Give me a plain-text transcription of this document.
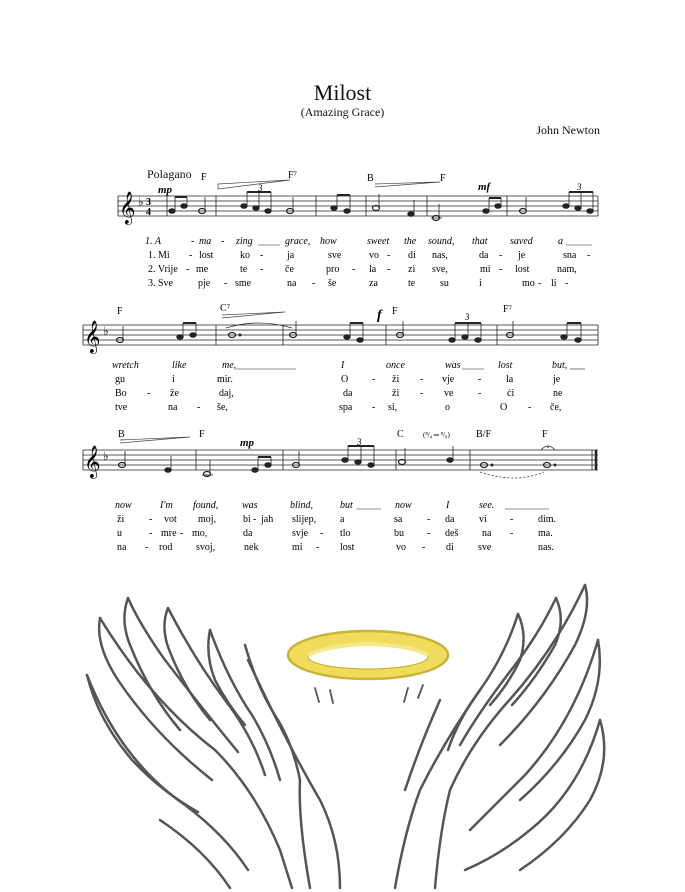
Milost
(Amazing Grace)
John Newton
Polagano
𝄞 ♭ 3
4
3	3
𝄞 ♭
3
𝄞 ♭
3
(⁸/₄ ═ ⁸/₈)
F	F⁷	B	F
F	C⁷	F	F⁷
B	F	C	B/F	F
mp	mf
f
mp
1. A	- ma - zing	grace, how	sweet the sound, that saved	a
1. Mi - lost	ko - ja	sve	vo - di nas,	da - je	sna -
2. Vrije - me	te - če	pro - la - zi sve,	mi - lost	nam,
3. Sve	pje - sme	na - še	za	te su	i	mo - li -
wretch	like	me,	I	once	was	lost	but,
gu	i	mir.	O - ži - vje - la	je
Bo - že	daj,	da	ži - ve -	ći	ne
tve	na - še,	spa - si,	o	O - če,
now	I'm found, was	blind,	but	now	I	see.
ži - vot moj,	bi - jah slijep, a	sa - da vi - dim.
u	- mre - mo,	da	svje - tlo	bu - deš na - ma.
na - rod svoj,	nek	mi - lost	vo - di sve	nas.
